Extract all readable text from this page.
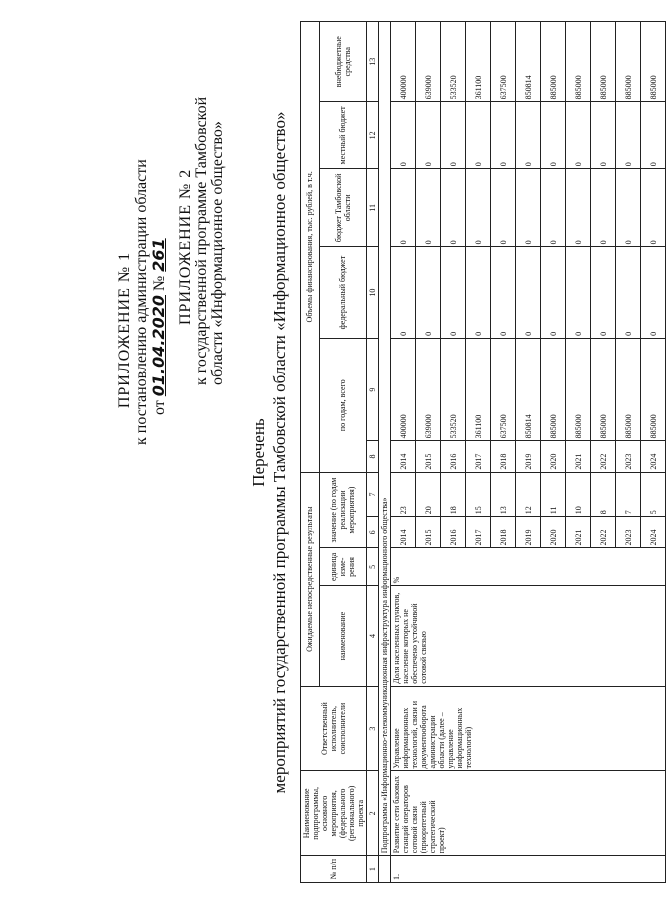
ПРИЛОЖЕНИЕ № 1 к постановлению администрации области от 01.04.2020 № 261 ПРИЛОЖЕНИЕ № 2 к государственной программе Тамбовской области «Информационное общество»
Перечень мероприятий государственной программы Тамбовской области «Информационное общество»
№ п/п	Наименование подпрограммы, основного мероприятия, (федерального (регионального) проекта	Ответственный исполнитель, соисполнители	Ожидаемые непосредственные результаты				Объемы финансирования, тыс. рублей, в т.ч.					
			наименование	единица изме-рения	значение (по годам реализации мероприятия)		по годам, всего		федеральный бюджет	бюджет Тамбовской области	местный бюджет	внебюджетные средства
1	2	3	4	5	6	7	8	9	10	11	12	13
	Подпрограмма «Информационно-телекоммуникационная инфраструктура информационного общества»											
1.	Развитие сети базовых станций операторов сотовой связи (приоритетный стратегический проект)	Управление информационных технологий, связи и документооборота администрации области (далее – управление информационных технологий)	Доля населенных пунктов, население которых не обеспечено устойчивой сотовой связью	%	2014	23	2014	400000	0	0	0	400000
					2015	20	2015	639000	0	0	0	639000
					2016	18	2016	533520	0	0	0	533520
					2017	15	2017	361100	0	0	0	361100
					2018	13	2018	637500	0	0	0	637500
					2019	12	2019	850814	0	0	0	850814
					2020	11	2020	885000	0	0	0	885000
					2021	10	2021	885000	0	0	0	885000
					2022	8	2022	885000	0	0	0	885000
					2023	7	2023	885000	0	0	0	885000
					2024	5	2024	885000	0	0	0	885000
